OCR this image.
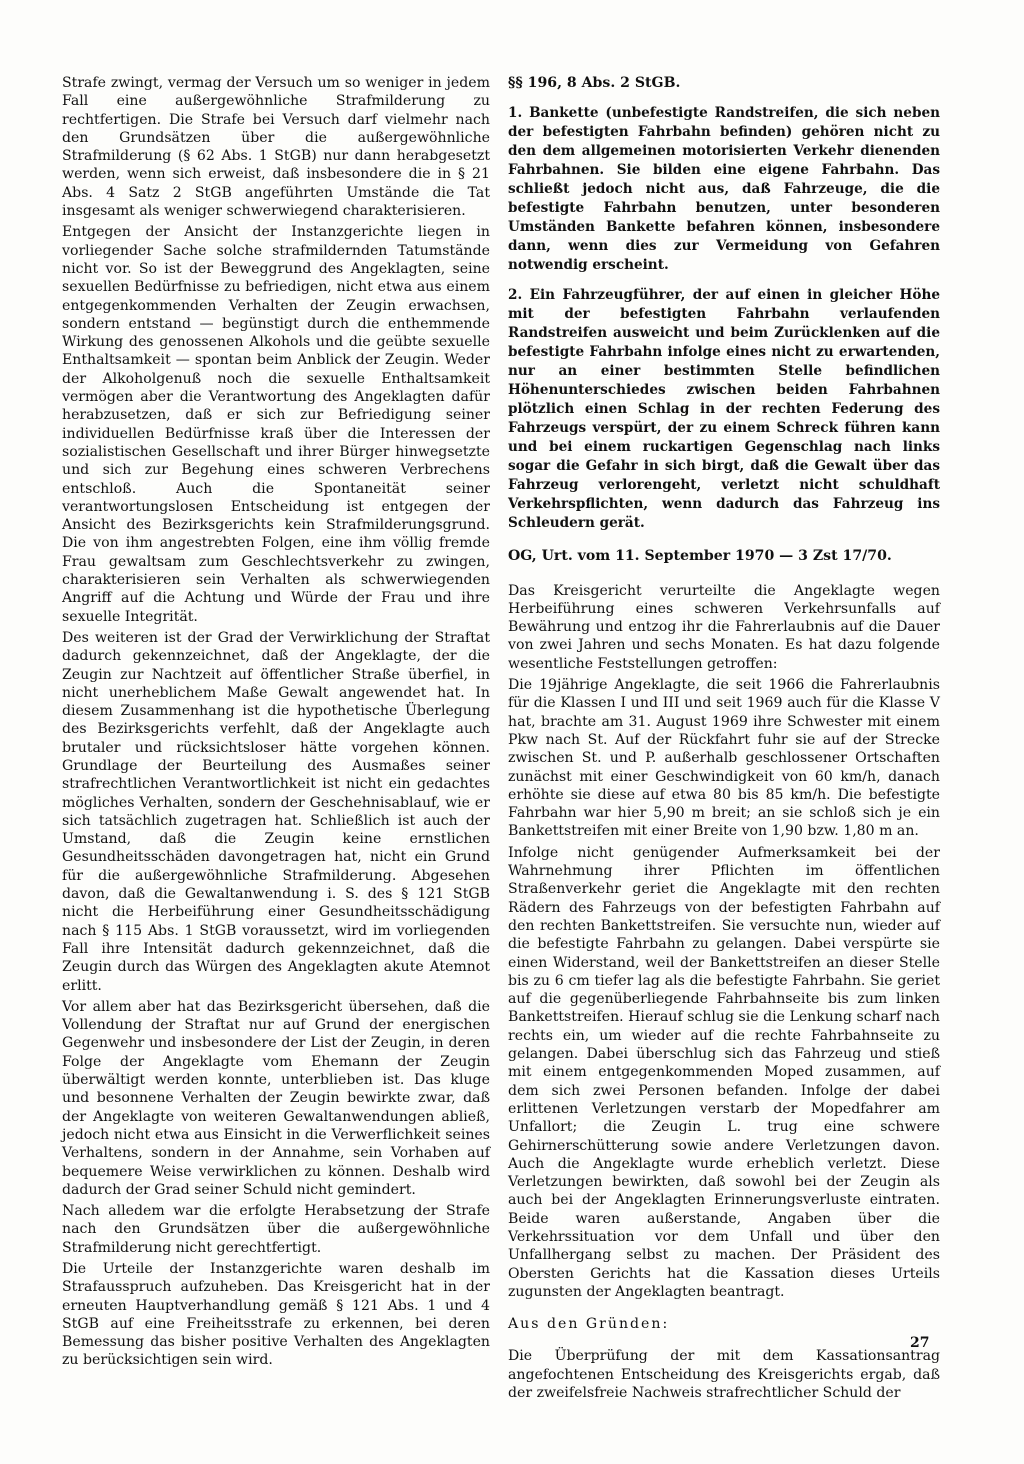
Strafe zwingt, vermag der Versuch um so weniger in jedem Fall eine außergewöhnliche Strafmilderung zu rechtfertigen. Die Strafe bei Versuch darf vielmehr nach den Grundsätzen über die außergewöhnliche Strafmilderung (§ 62 Abs. 1 StGB) nur dann herabgesetzt werden, wenn sich erweist, daß insbesondere die in § 21 Abs. 4 Satz 2 StGB angeführten Umstände die Tat insgesamt als weniger schwerwiegend charakterisieren.

Entgegen der Ansicht der Instanzgerichte liegen in vorliegender Sache solche strafmildernden Tatumstände nicht vor. So ist der Beweggrund des Angeklagten, seine sexuellen Bedürfnisse zu befriedigen, nicht etwa aus einem entgegenkommenden Verhalten der Zeugin erwachsen, sondern entstand — begünstigt durch die enthemmende Wirkung des genossenen Alkohols und die geübte sexuelle Enthaltsamkeit — spontan beim Anblick der Zeugin. Weder der Alkoholgenuß noch die sexuelle Enthaltsamkeit vermögen aber die Verantwortung des Angeklagten dafür herabzusetzen, daß er sich zur Befriedigung seiner individuellen Bedürfnisse kraß über die Interessen der sozialistischen Gesellschaft und ihrer Bürger hinwegsetzte und sich zur Begehung eines schweren Verbrechens entschloß. Auch die Spontaneität seiner verantwortungslosen Entscheidung ist entgegen der Ansicht des Bezirksgerichts kein Strafmilderungsgrund. Die von ihm angestrebten Folgen, eine ihm völlig fremde Frau gewaltsam zum Geschlechtsverkehr zu zwingen, charakterisieren sein Verhalten als schwerwiegenden Angriff auf die Achtung und Würde der Frau und ihre sexuelle Integrität.

Des weiteren ist der Grad der Verwirklichung der Straftat dadurch gekennzeichnet, daß der Angeklagte, der die Zeugin zur Nachtzeit auf öffentlicher Straße überfiel, in nicht unerheblichem Maße Gewalt angewendet hat. In diesem Zusammenhang ist die hypothetische Überlegung des Bezirksgerichts verfehlt, daß der Angeklagte auch brutaler und rücksichtsloser hätte vorgehen können. Grundlage der Beurteilung des Ausmaßes seiner strafrechtlichen Verantwortlichkeit ist nicht ein gedachtes mögliches Verhalten, sondern der Geschehnisablauf, wie er sich tatsächlich zugetragen hat. Schließlich ist auch der Umstand, daß die Zeugin keine ernstlichen Gesundheitsschäden davongetragen hat, nicht ein Grund für die außergewöhnliche Strafmilderung. Abgesehen davon, daß die Gewaltanwendung i. S. des § 121 StGB nicht die Herbeiführung einer Gesundheitsschädigung nach § 115 Abs. 1 StGB voraussetzt, wird im vorliegenden Fall ihre Intensität dadurch gekennzeichnet, daß die Zeugin durch das Würgen des Angeklagten akute Atemnot erlitt.

Vor allem aber hat das Bezirksgericht übersehen, daß die Vollendung der Straftat nur auf Grund der energischen Gegenwehr und insbesondere der List der Zeugin, in deren Folge der Angeklagte vom Ehemann der Zeugin überwältigt werden konnte, unterblieben ist. Das kluge und besonnene Verhalten der Zeugin bewirkte zwar, daß der Angeklagte von weiteren Gewaltanwendungen abließ, jedoch nicht etwa aus Einsicht in die Verwerflichkeit seines Verhaltens, sondern in der Annahme, sein Vorhaben auf bequemere Weise verwirklichen zu können. Deshalb wird dadurch der Grad seiner Schuld nicht gemindert.

Nach alledem war die erfolgte Herabsetzung der Strafe nach den Grundsätzen über die außergewöhnliche Strafmilderung nicht gerechtfertigt.

Die Urteile der Instanzgerichte waren deshalb im Strafausspruch aufzuheben. Das Kreisgericht hat in der erneuten Hauptverhandlung gemäß § 121 Abs. 1 und 4 StGB auf eine Freiheitsstrafe zu erkennen, bei deren Bemessung das bisher positive Verhalten des Angeklagten zu berücksichtigen sein wird.

§§ 196, 8 Abs. 2 StGB.

1. Bankette (unbefestigte Randstreifen, die sich neben der befestigten Fahrbahn befinden) gehören nicht zu den dem allgemeinen motorisierten Verkehr dienenden Fahrbahnen. Sie bilden eine eigene Fahrbahn. Das schließt jedoch nicht aus, daß Fahrzeuge, die die befestigte Fahrbahn benutzen, unter besonderen Umständen Bankette befahren können, insbesondere dann, wenn dies zur Vermeidung von Gefahren notwendig erscheint.

2. Ein Fahrzeugführer, der auf einen in gleicher Höhe mit der befestigten Fahrbahn verlaufenden Randstreifen ausweicht und beim Zurücklenken auf die befestigte Fahrbahn infolge eines nicht zu erwartenden, nur an einer bestimmten Stelle befindlichen Höhenunterschiedes zwischen beiden Fahrbahnen plötzlich einen Schlag in der rechten Federung des Fahrzeugs verspürt, der zu einem Schreck führen kann und bei einem ruckartigen Gegenschlag nach links sogar die Gefahr in sich birgt, daß die Gewalt über das Fahrzeug verlorengeht, verletzt nicht schuldhaft Verkehrspflichten, wenn dadurch das Fahrzeug ins Schleudern gerät.

OG, Urt. vom 11. September 1970 — 3 Zst 17/70.

Das Kreisgericht verurteilte die Angeklagte wegen Herbeiführung eines schweren Verkehrsunfalls auf Bewährung und entzog ihr die Fahrerlaubnis auf die Dauer von zwei Jahren und sechs Monaten. Es hat dazu folgende wesentliche Feststellungen getroffen:

Die 19jährige Angeklagte, die seit 1966 die Fahrerlaubnis für die Klassen I und III und seit 1969 auch für die Klasse V hat, brachte am 31. August 1969 ihre Schwester mit einem Pkw nach St. Auf der Rückfahrt fuhr sie auf der Strecke zwischen St. und P. außerhalb geschlossener Ortschaften zunächst mit einer Geschwindigkeit von 60 km/h, danach erhöhte sie diese auf etwa 80 bis 85 km/h. Die befestigte Fahrbahn war hier 5,90 m breit; an sie schloß sich je ein Bankettstreifen mit einer Breite von 1,90 bzw. 1,80 m an.

Infolge nicht genügender Aufmerksamkeit bei der Wahrnehmung ihrer Pflichten im öffentlichen Straßenverkehr geriet die Angeklagte mit den rechten Rädern des Fahrzeugs von der befestigten Fahrbahn auf den rechten Bankettstreifen. Sie versuchte nun, wieder auf die befestigte Fahrbahn zu gelangen. Dabei verspürte sie einen Widerstand, weil der Bankettstreifen an dieser Stelle bis zu 6 cm tiefer lag als die befestigte Fahrbahn. Sie geriet auf die gegenüberliegende Fahrbahnseite bis zum linken Bankettstreifen. Hierauf schlug sie die Lenkung scharf nach rechts ein, um wieder auf die rechte Fahrbahnseite zu gelangen. Dabei überschlug sich das Fahrzeug und stieß mit einem entgegenkommenden Moped zusammen, auf dem sich zwei Personen befanden. Infolge der dabei erlittenen Verletzungen verstarb der Mopedfahrer am Unfallort; die Zeugin L. trug eine schwere Gehirnerschütterung sowie andere Verletzungen davon. Auch die Angeklagte wurde erheblich verletzt. Diese Verletzungen bewirkten, daß sowohl bei der Zeugin als auch bei der Angeklagten Erinnerungsverluste eintraten. Beide waren außerstande, Angaben über die Verkehrssituation vor dem Unfall und über den Unfallhergang selbst zu machen. Der Präsident des Obersten Gerichts hat die Kassation dieses Urteils zugunsten der Angeklagten beantragt.

Aus den Gründen:

Die Überprüfung der mit dem Kassationsantrag angefochtenen Entscheidung des Kreisgerichts ergab, daß der zweifelsfreie Nachweis strafrechtlicher Schuld der

27
